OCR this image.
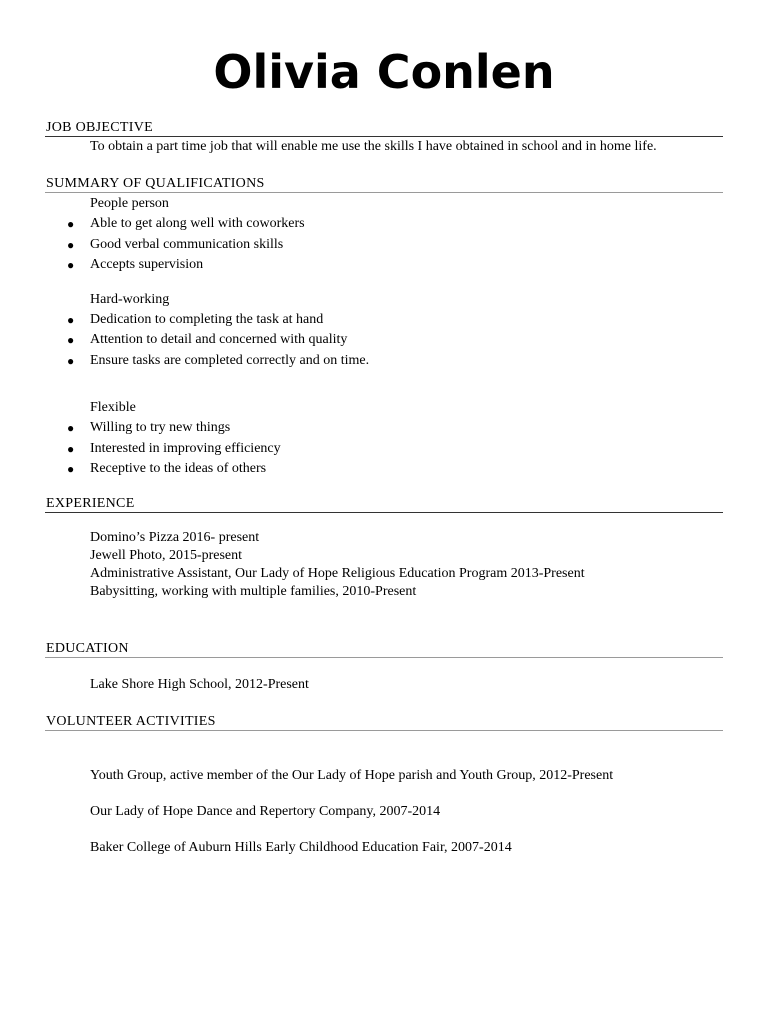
Olivia Conlen
JOB OBJECTIVE
To obtain a part time job that will enable me use the skills I have obtained in school and in home life.
SUMMARY OF QUALIFICATIONS
People person
● Able to get along well with coworkers
● Good verbal communication skills
● Accepts supervision
Hard-working
● Dedication to completing the task at hand
● Attention to detail and concerned with quality
● Ensure tasks are completed correctly and on time.
Flexible
● Willing to try new things
● Interested in improving efficiency
● Receptive to the ideas of others
EXPERIENCE
Domino’s Pizza 2016- present
Jewell Photo, 2015-present
Administrative Assistant, Our Lady of Hope Religious Education Program 2013-Present
Babysitting, working with multiple families, 2010-Present
EDUCATION
Lake Shore High School, 2012-Present
VOLUNTEER ACTIVITIES
Youth Group, active member of the Our Lady of Hope parish and Youth Group, 2012-Present
Our Lady of Hope Dance and Repertory Company, 2007-2014
Baker College of Auburn Hills Early Childhood Education Fair, 2007-2014
